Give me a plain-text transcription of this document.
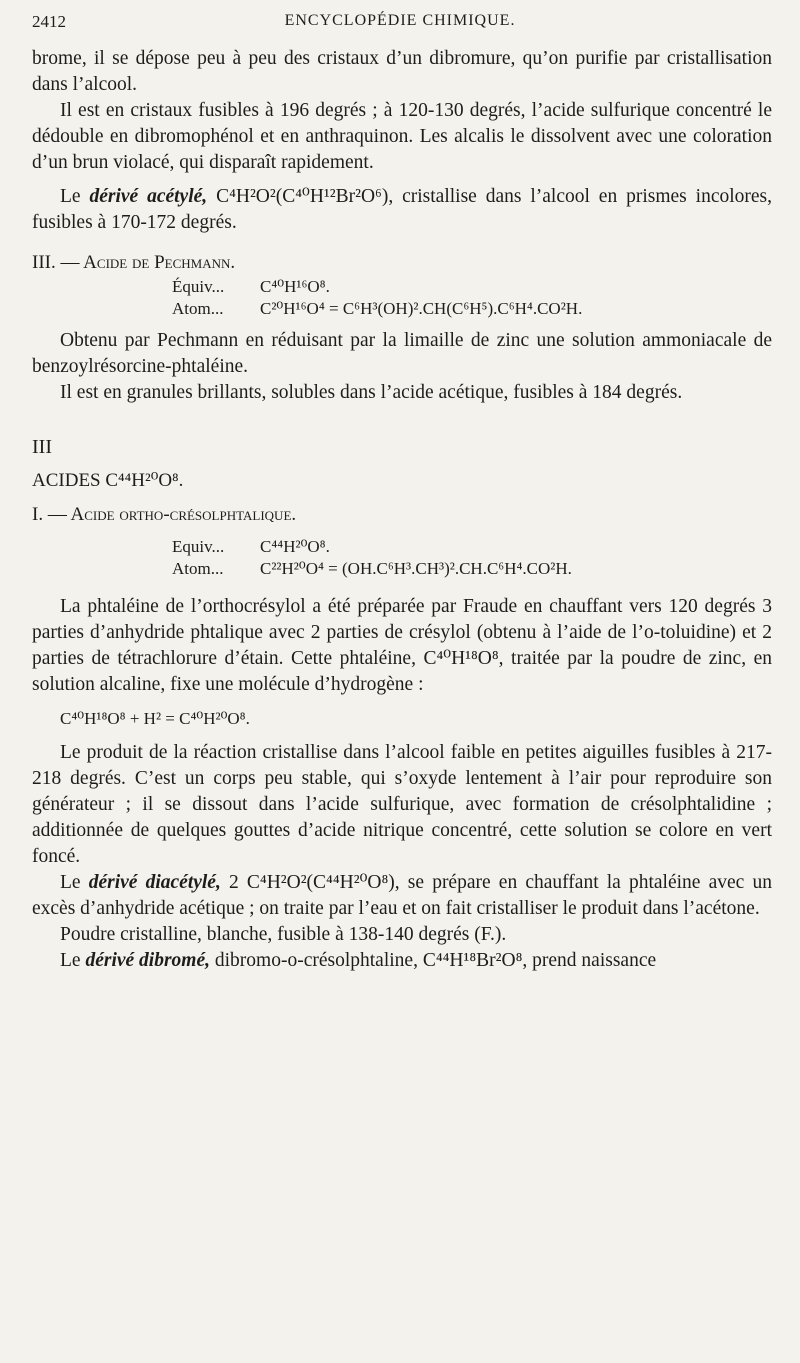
2412	ENCYCLOPÉDIE CHIMIQUE.

brome, il se dépose peu à peu des cristaux d’un dibromure, qu’on purifie par cristallisation dans l’alcool.

Il est en cristaux fusibles à 196 degrés ; à 120-130 degrés, l’acide sulfurique concentré le dédouble en dibromophénol et en anthraquinon. Les alcalis le dissolvent avec une coloration d’un brun violacé, qui disparaît rapidement.

Le dérivé acétylé, C⁴H²O²(C⁴⁰H¹²Br²O⁶), cristallise dans l’alcool en prismes incolores, fusibles à 170-172 degrés.

III. — Acide de Pechmann.

Équiv... C⁴⁰H¹⁶O⁸.
Atom... C²⁰H¹⁶O⁴ = C⁶H³(OH)².CH(C⁶H⁵).C⁶H⁴.CO²H.

Obtenu par Pechmann en réduisant par la limaille de zinc une solution ammoniacale de benzoylrésorcine-phtaléine.

Il est en granules brillants, solubles dans l’acide acétique, fusibles à 184 degrés.

III

ACIDES C⁴⁴H²⁰O⁸.

I. — Acide ortho-crésolphtalique.

Equiv... C⁴⁴H²⁰O⁸.
Atom... C²²H²⁰O⁴ = (OH.C⁶H³.CH³)².CH.C⁶H⁴.CO²H.

La phtaléine de l’orthocrésylol a été préparée par Fraude en chauffant vers 120 degrés 3 parties d’anhydride phtalique avec 2 parties de crésylol (obtenu à l’aide de l’o-toluidine) et 2 parties de tétrachlorure d’étain. Cette phtaléine, C⁴⁰H¹⁸O⁸, traitée par la poudre de zinc, en solution alcaline, fixe une molécule d’hydrogène :

C⁴⁰H¹⁸O⁸ + H² = C⁴⁰H²⁰O⁸.

Le produit de la réaction cristallise dans l’alcool faible en petites aiguilles fusibles à 217-218 degrés. C’est un corps peu stable, qui s’oxyde lentement à l’air pour reproduire son générateur ; il se dissout dans l’acide sulfurique, avec formation de crésolphtalidine ; additionnée de quelques gouttes d’acide nitrique concentré, cette solution se colore en vert foncé.

Le dérivé diacétylé, 2 C⁴H²O²(C⁴⁴H²⁰O⁸), se prépare en chauffant la phtaléine avec un excès d’anhydride acétique ; on traite par l’eau et on fait cristalliser le produit dans l’acétone.

Poudre cristalline, blanche, fusible à 138-140 degrés (F.).

Le dérivé dibromé, dibromo-o-crésolphtaline, C⁴⁴H¹⁸Br²O⁸, prend naissance
